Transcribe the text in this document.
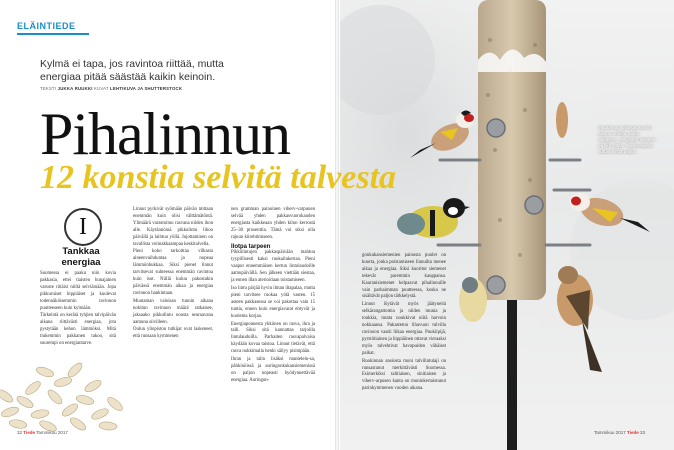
ELÄINTIEDE
Kylmä ei tapa, jos ravintoa riittää, mutta energiaa pitää säästää kaikin keinoin.
TEKSTI JUKKA RUUKKI KUVAT LEHTIKUVA JA SHUTTERSTOCK
Pihalinnun
12 konstia selvitä talvesta
I
Tankkaa energiaa

Suomessa ei paaku niin kovia pakkasia, ettei tiaisten hunajainen varuste riitäisi niiltä selviämään. Jopa pikkuruiset hippiäiset ja kuulevat todennäköisemmin ravinnon puutteeseen kuin kylmään.

Tärkeintä on kerätä tyhjien talvipäivän aikana riittävästi energiaa, jota pystytään kehon lämmöksi. Mitä tiukemmin pakkanen takoo, sitä suurempi on energiantarve.

Linnut pyrkivät syömään päivän mittaan enemmän kuin olisi välttämätöntä. Ylimäärä varastoituu rasvana niiden ihon alle. Käytännössä pikkulintu lihoo päivällä ja laihtuu yöllä. Jojottaminen on tavallista voimakkaampaa keskitalvella.

Pieni koko tarkoittaa vilkasta aineenvaihduntaa ja nopeaa lämmönhukkaa. Siksi pienet linnut tarvitsevat suhteessa enemmän ravintoa kuin isot. Niillä kuluu pakostakin päivässä enemmän aikaa ja energiaa ravinnon hankintaan.

Muutaman valoisan tunnin aikana nokitun ravinnon määrä ratkaisee, jaksaako pikkulintu nousta seuraavana aamuna siivilleen.

Oulun yliopiston tutkijat ovat laskeneet, että runsaan kymmenen

nen gramman painoinen viherv-varpunen selvää yhden pakkasvuorokauden energiasta kaikkeaan yhden kilon kerrostä 25–30 prosenttia. Tämä voi siksi olla rajuun kiirehtimiseen.

Ilotpa tarpeen

Pikkulintujen pakkaspäivään mahtuu tyypillisesti kaksi ruokailukertaa. Pieni vaaput ennemmäisen kertun lintulaudoille aamupäivällä. Sen jälkeen viettään siestaa, ja ennen illan aterioidaan toistamiseen.

Iso lintu pärjää hyvin ilman iltapalaa, mutta pieni tarvitsee ruokaa yötä vasten. 15 asteen pakkasessa se voi pakottaa vain 15 tuntia, ennen kuin energiavarat ehtyvät ja kuolema korjaa.

Energiaponnesta ykkönen on rasva, ihra ja talli. Siksi sitä kannattaa tarjoilla lintulaudoilla. Parhaiten rasvapalvaisa käydään kovaa taistoa. Linnut tietävät, että rasva nokkimalla henki säilyy pisimpään.

Ihran ja talin lisäksi mantelein-sa, pähkinöissä ja auringonkukansiemenissä on paljon nopeasti hyödynnettävää energiaa. Auringon-

32 Tiede Tammikuu 2017
Muutaman valoisan tunnin aikana nokittu ruoka ratkaisee, selviääkö tiaiseen tai tikli yöstä. Ruoka-ajasta suttaa niistä paljon.

gonkukansiemenien painosta puolet on kuorta, jonka poistamiseen linnuilta menee aikaa ja energiaa. Siksi kuoritut siemenet tekevät paremmin kauppansa. Kauranisiemenet kelpaavat pihalinnuille vain parhaimman puutteessa, koska ne sisältävät paljon tärkkelystä.

Linnut löytävät myös jäätyneitä selkärangattomia ja niiden munia ja toukkia, mutta noukkivat niitä harvoin nokkaansa. Pakastetun lihavuon tulvilla ravinoon vaatii liikaa energiaa. Puukiipijä, pyrstötiainen ja hippiäinen ottavat vieraaksi myös talvehtivat havupuiden vähäiset paikat.

Ruokinnan ansiosta moni talvilintulaji on runsastunut merkittävästi Suomessa. Esimerkiksi talitiaisen, sinitiaisen ja viherv-arpusen kanta on moninkertaistunut parinkymmenen vuoden aikana.

Tammikuu 2017 Tiede 33
